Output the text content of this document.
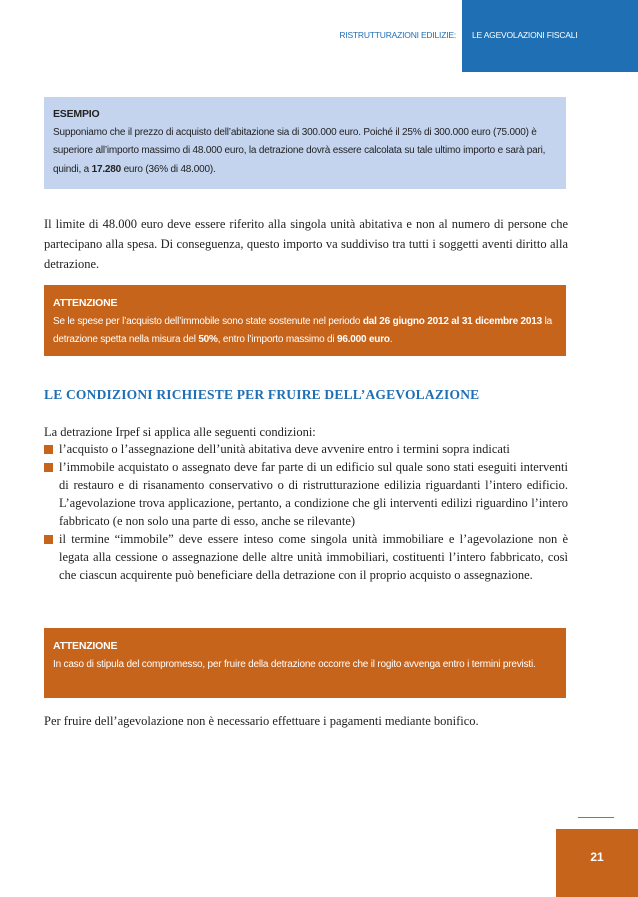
RISTRUTTURAZIONI EDILIZIE:	LE AGEVOLAZIONI FISCALI
ESEMPIO
Supponiamo che il prezzo di acquisto dell’abitazione sia di 300.000 euro. Poiché il 25% di 300.000 euro (75.000) è superiore all’importo massimo di 48.000 euro, la detrazione dovrà essere calcolata su tale ultimo importo e sarà pari, quindi, a 17.280 euro (36% di 48.000).
Il limite di 48.000 euro deve essere riferito alla singola unità abitativa e non al numero di persone che partecipano alla spesa. Di conseguenza, questo importo va suddiviso tra tutti i soggetti aventi diritto alla detrazione.
ATTENZIONE
Se le spese per l’acquisto dell’immobile sono state sostenute nel periodo dal 26 giugno 2012 al 31 dicembre 2013 la detrazione spetta nella misura del 50%, entro l’importo massimo di 96.000 euro.
LE CONDIZIONI RICHIESTE PER FRUIRE DELL’AGEVOLAZIONE
La detrazione Irpef si applica alle seguenti condizioni:
l’acquisto o l’assegnazione dell’unità abitativa deve avvenire entro i termini sopra indicati
l’immobile acquistato o assegnato deve far parte di un edificio sul quale sono stati eseguiti interventi di restauro e di risanamento conservativo o di ristrutturazione edilizia riguardanti l’intero edificio. L’agevolazione trova applicazione, pertanto, a condizione che gli interventi edilizi riguardino l’intero fabbricato (e non solo una parte di esso, anche se rilevante)
il termine “immobile” deve essere inteso come singola unità immobiliare e l’agevolazione non è legata alla cessione o assegnazione delle altre unità immobiliari, costituenti l’intero fabbricato, così che ciascun acquirente può beneficiare della detrazione con il proprio acquisto o assegnazione.
ATTENZIONE
In caso di stipula del compromesso, per fruire della detrazione occorre che il rogito avvenga entro i termini previsti.
Per fruire dell’agevolazione non è necessario effettuare i pagamenti mediante bonifico.
21
